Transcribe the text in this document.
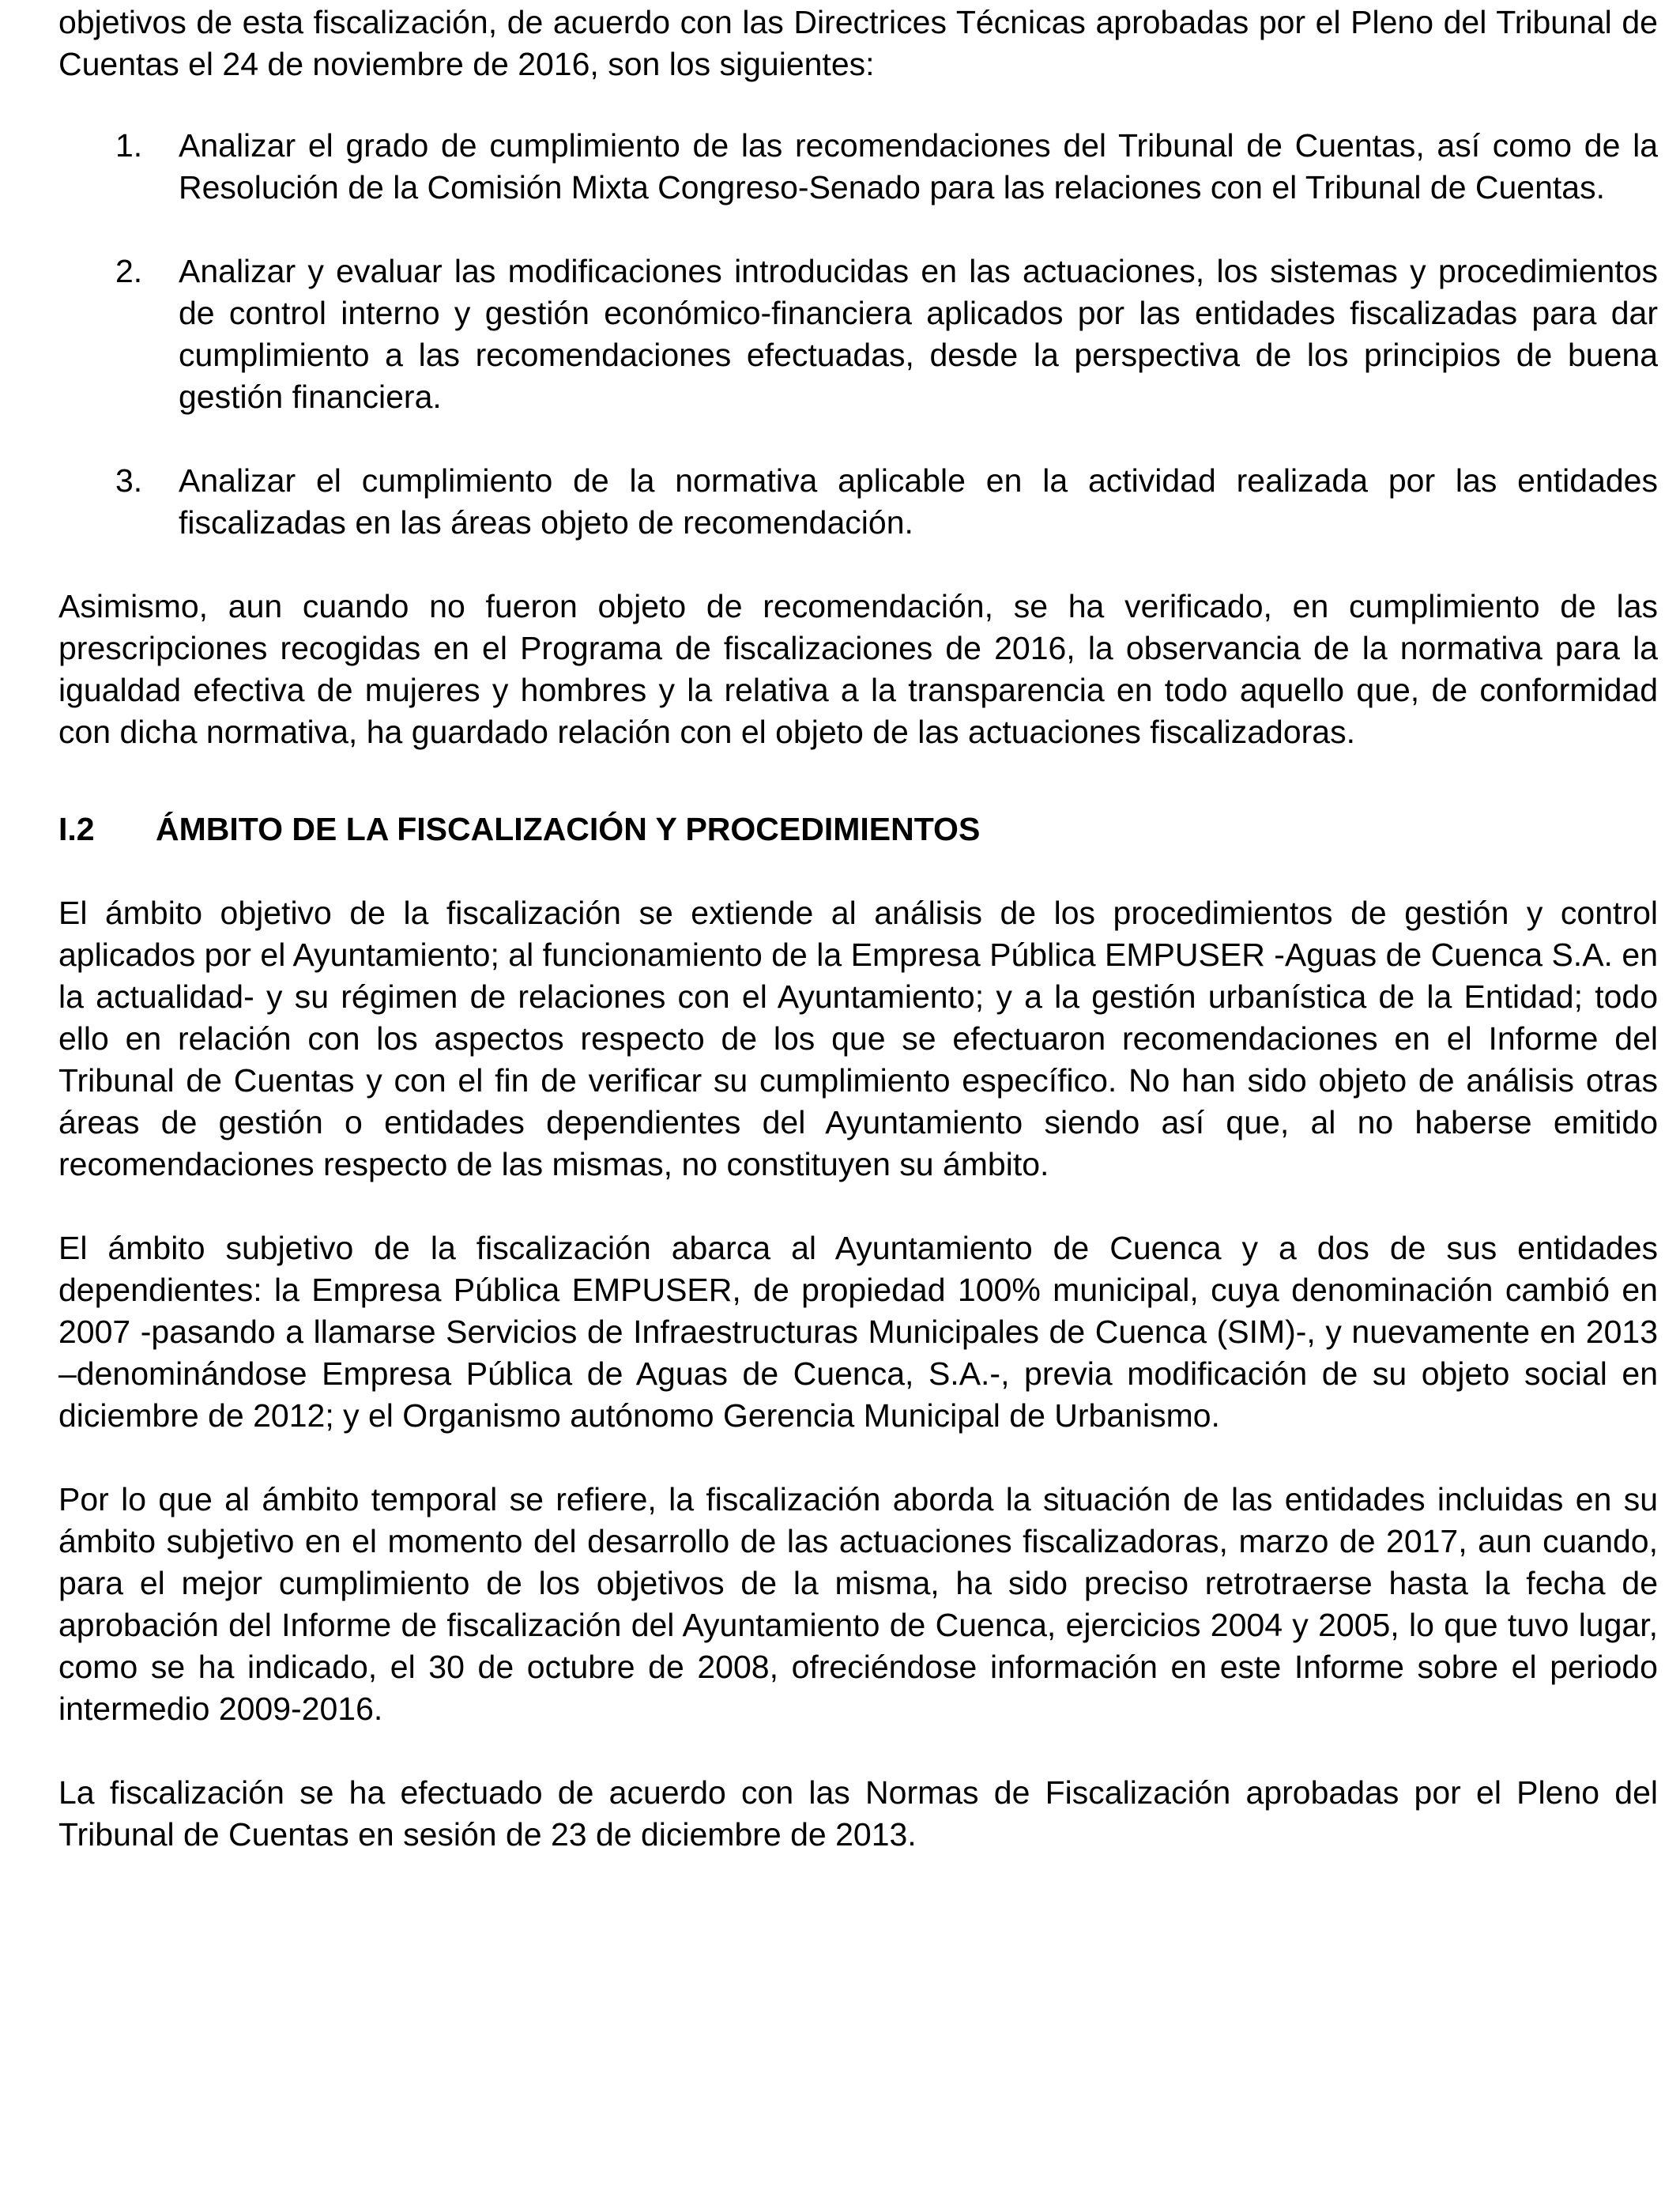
objetivos de esta fiscalización, de acuerdo con las Directrices Técnicas aprobadas por el Pleno del Tribunal de Cuentas el 24 de noviembre de 2016, son los siguientes:

1. Analizar el grado de cumplimiento de las recomendaciones del Tribunal de Cuentas, así como de la Resolución de la Comisión Mixta Congreso-Senado para las relaciones con el Tribunal de Cuentas.
2. Analizar y evaluar las modificaciones introducidas en las actuaciones, los sistemas y procedimientos de control interno y gestión económico-financiera aplicados por las entidades fiscalizadas para dar cumplimiento a las recomendaciones efectuadas, desde la perspectiva de los principios de buena gestión financiera.
3. Analizar el cumplimiento de la normativa aplicable en la actividad realizada por las entidades fiscalizadas en las áreas objeto de recomendación.

Asimismo, aun cuando no fueron objeto de recomendación, se ha verificado, en cumplimiento de las prescripciones recogidas en el Programa de fiscalizaciones de 2016, la observancia de la normativa para la igualdad efectiva de mujeres y hombres y la relativa a la transparencia en todo aquello que, de conformidad con dicha normativa, ha guardado relación con el objeto de las actuaciones fiscalizadoras.

I.2 ÁMBITO DE LA FISCALIZACIÓN Y PROCEDIMIENTOS

El ámbito objetivo de la fiscalización se extiende al análisis de los procedimientos de gestión y control aplicados por el Ayuntamiento; al funcionamiento de la Empresa Pública EMPUSER -Aguas de Cuenca S.A. en la actualidad- y su régimen de relaciones con el Ayuntamiento; y a la gestión urbanística de la Entidad; todo ello en relación con los aspectos respecto de los que se efectuaron recomendaciones en el Informe del Tribunal de Cuentas y con el fin de verificar su cumplimiento específico. No han sido objeto de análisis otras áreas de gestión o entidades dependientes del Ayuntamiento siendo así que, al no haberse emitido recomendaciones respecto de las mismas, no constituyen su ámbito.

El ámbito subjetivo de la fiscalización abarca al Ayuntamiento de Cuenca y a dos de sus entidades dependientes: la Empresa Pública EMPUSER, de propiedad 100% municipal, cuya denominación cambió en 2007 -pasando a llamarse Servicios de Infraestructuras Municipales de Cuenca (SIM)-, y nuevamente en 2013 –denominándose Empresa Pública de Aguas de Cuenca, S.A.-, previa modificación de su objeto social en diciembre de 2012; y el Organismo autónomo Gerencia Municipal de Urbanismo.

Por lo que al ámbito temporal se refiere, la fiscalización aborda la situación de las entidades incluidas en su ámbito subjetivo en el momento del desarrollo de las actuaciones fiscalizadoras, marzo de 2017, aun cuando, para el mejor cumplimiento de los objetivos de la misma, ha sido preciso retrotraerse hasta la fecha de aprobación del Informe de fiscalización del Ayuntamiento de Cuenca, ejercicios 2004 y 2005, lo que tuvo lugar, como se ha indicado, el 30 de octubre de 2008, ofreciéndose información en este Informe sobre el periodo intermedio 2009-2016.

La fiscalización se ha efectuado de acuerdo con las Normas de Fiscalización aprobadas por el Pleno del Tribunal de Cuentas en sesión de 23 de diciembre de 2013.
